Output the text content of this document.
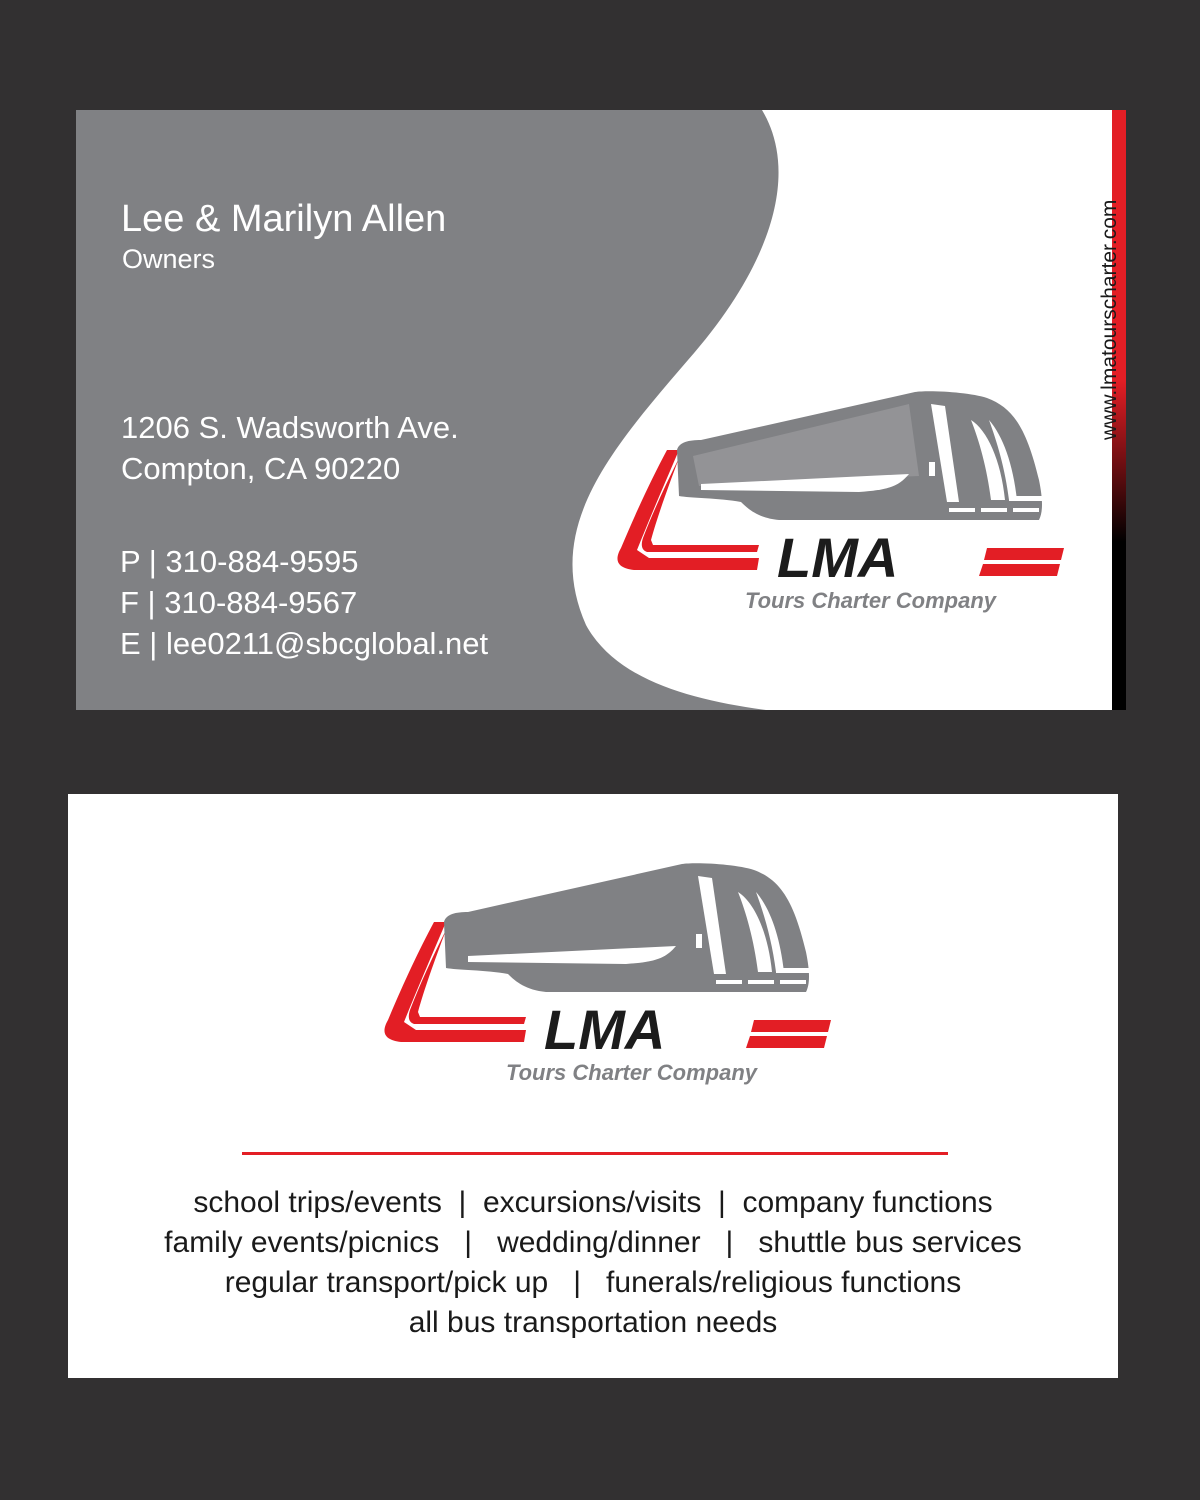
Lee & Marilyn Allen
Owners
1206 S. Wadsworth Ave.
Compton, CA 90220
P | 310-884-9595
F | 310-884-9567
E | lee0211@sbcglobal.net
www.lmatourscharter.com
LMA
Tours Charter Company
LMA
Tours Charter Company
school trips/events  |  excursions/visits  |  company functions
family events/picnics   |   wedding/dinner   |   shuttle bus services
regular transport/pick up   |   funerals/religious functions
all bus transportation needs
